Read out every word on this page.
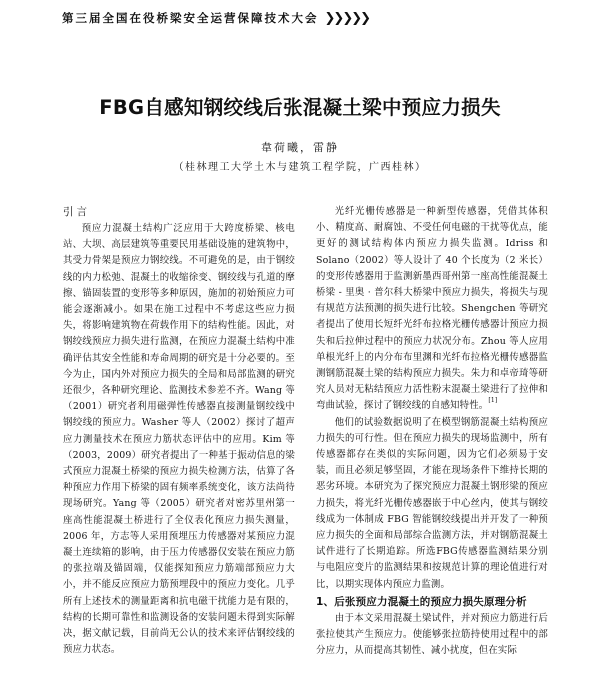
第三届全国在役桥梁安全运营保障技术大会 ❯
❯
❯
❯
❯
FBG自感知钢绞线后张混凝土梁中预应力损失
韋荷曦，雷静
（桂林理工大学土木与建筑工程学院，广西桂林）
引言

预应力混凝土结构广泛应用于大跨度桥梁、核电站、大坝、高层建筑等重要民用基础设施的建筑物中，其受力骨架是预应力钢绞线。不可避免的是，由于钢绞线的内力松弛、混凝土的收缩徐变、钢绞线与孔道的摩擦、锚固装置的变形等多种原因，施加的初始预应力可能会逐渐减小。如果在施工过程中不考虑这些应力损失，将影响建筑物在荷载作用下的结构性能。因此，对钢绞线预应力损失进行监测，在预应力混凝土结构中准确评估其安全性能和寿命周期的研究是十分必要的。至今为止，国内外对预应力损失的全局和局部监测的研究还很少，各种研究理论、监测技术参差不齐。Wang 等（2001）研究者利用磁弹性传感器直接测量钢绞线中钢绞线的预应力。Washer 等人（2002）探讨了超声应力测量技术在预应力筋状态评估中的应用。Kim 等（2003，2009）研究者提出了一种基于振动信息的梁式预应力混凝土桥梁的预应力损失检测方法，估算了各种预应力作用下桥梁的固有频率系统变化，该方法尚待现场研究。Yang 等（2005）研究者对密苏里州第一座高性能混凝土桥进行了全仪表化预应力损失测量，2006 年，方志等人采用预埋压力传感器对某预应力混凝土连续箱的影响，由于压力传感器仅安装在预应力筋的张拉端及锚固端，仅能探知预应力筋端部预应力大小，并不能反应预应力筋预埋段中的预应力变化。几乎所有上述技术的测量距离和抗电磁干扰能力是有限的，结构的长期可靠性和监测设备的安装问题未得到实际解决，据文献记载，目前尚无公认的技术来评估钢绞线的预应力状态。

光纤光栅传感器是一种新型传感器，凭借其体积小、精度高、耐腐蚀、不受任何电磁的干扰等优点，能更好的测试结构体内预应力损失监测。Idriss 和 Solano（2002）等人设计了 40 个长度为（2 米长）的变形传感器用于监测新墨西哥州第一座高性能混凝土桥梁 - 里奥 · 普尔科大桥梁中预应力损失，将损失与现有规范方法预测的损失进行比较。Shengchen 等研究者提出了使用长短纤光纤布拉格光栅传感器计预应力损失和后拉伸过程中的预应力状况分布。Zhou 等人应用单根光纤上的内分布布里渊和光纤布拉格光栅传感器监测钢筋混凝土梁的结构预应力损失。朱力和卓帝琦等研究人员对无粘结预应力活性粉末混凝土梁进行了拉伸和弯曲试验，探讨了钢绞线的自感知特性。[1]

他们的试验数据说明了在模型钢筋混凝土结构预应力损失的可行性。但在预应力损失的现场监测中，所有传感器都存在类似的实际问题，因为它们必须易于安装，而且必须足够坚固，才能在现场条件下维持长期的恶劣环境。本研究为了探究预应力混凝土钢形梁的预应力损失，将光纤光栅传感器嵌于中心丝内，使其与钢绞线成为一体制成 FBG 智能钢绞线提出并开发了一种预应力损失的全面和局部综合监测方法，并对钢筋混凝土试件进行了长期追踪。所选FBG传感器监测结果分别与电阻应变片的监测结果和按规范计算的理论值进行对比，以期实现体内预应力监测。

1、后张预应力混凝土的预应力损失原理分析

由于本文采用混凝土梁试件，并对预应力筋进行后张拉使其产生预应力。使能够张拉筋持使用过程中的部分应力，从而提高其韧性、减小扰度，但在实际
